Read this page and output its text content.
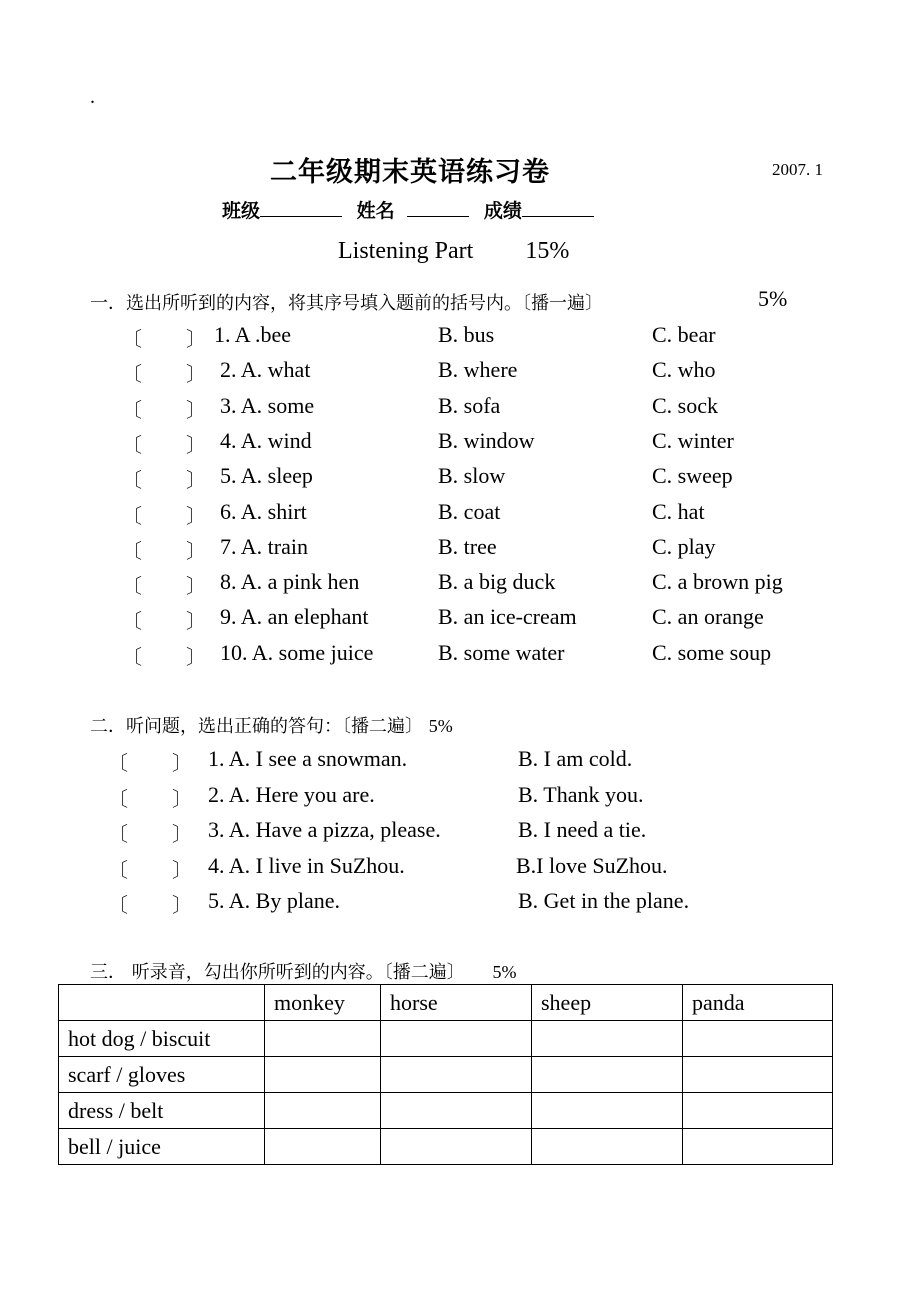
.
二年级期末英语练习卷	2007. 1
班级	姓名	成绩
Listening Part 15%
一．选出所听到的内容，将其序号填入题前的括号内。〔播一遍〕	5%
〔 〕 1. A .bee	B. bus	C. bear
〔 〕 2. A. what	B. where	C. who
〔 〕 3. A. some	B. sofa	C. sock
〔 〕 4. A. wind	B. window	C. winter
〔 〕 5. A. sleep	B. slow	C. sweep
〔 〕 6. A. shirt	B. coat	C. hat
〔 〕 7. A. train	B. tree	C. play
〔 〕 8. A. a pink hen	B. a big duck	C. a brown pig
〔 〕 9. A. an elephant	B. an ice-cream	C. an orange
〔 〕 10. A. some juice	B. some water	C. some soup
二．听问题，选出正确的答句：〔播二遍〕 5%
〔 〕 1. A. I see a snowman.	B. I am cold.
〔 〕 2. A. Here you are.	B. Thank you.
〔 〕 3. A. Have a pizza, please.	B. I need a tie.
〔 〕 4. A. I live in SuZhou.	B.I love SuZhou.
〔 〕 5. A. By plane.	B. Get in the plane.
三． 听录音，勾出你所听到的内容。〔播二遍〕 5%
	monkey	horse	sheep	panda
hot dog / biscuit				
scarf / gloves				
dress / belt				
bell / juice				
